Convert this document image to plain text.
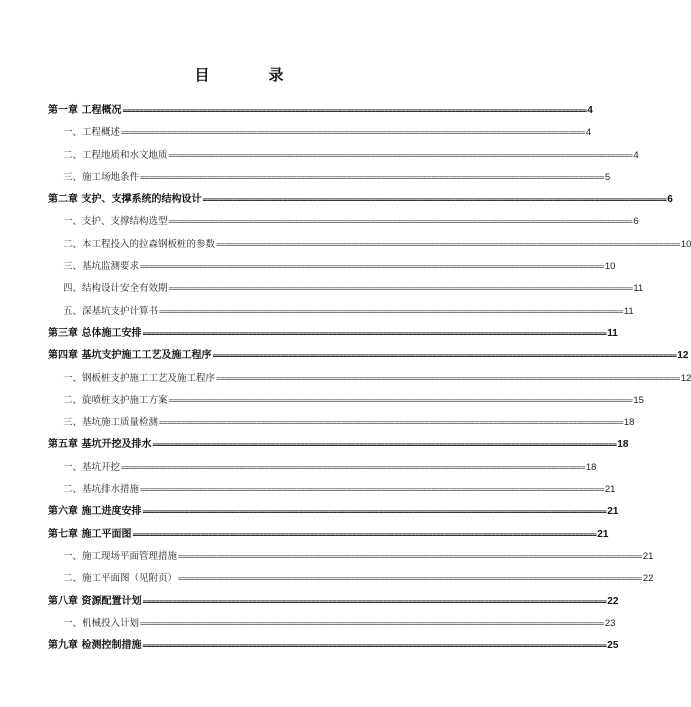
目　录
第一章 工程概况 ============================================================================================================== 4
一、工程概述 ============================================================================================================== 4
二、工程地质和水文地质 ============================================================================================================== 4
三、施工场地条件 ============================================================================================================== 5
第二章 支护、支撑系统的结构设计 ============================================================================================================== 6
一、支护、支撑结构选型 ============================================================================================================== 6
二、本工程投入的拉森钢板桩的参数 ============================================================================================================== 10
三、基坑监测要求 ============================================================================================================== 10
四、结构设计安全有效期 ============================================================================================================== 11
五、深基坑支护计算书 ============================================================================================================== 11
第三章 总体施工安排 ============================================================================================================== 11
第四章 基坑支护施工工艺及施工程序 ============================================================================================================== 12
一、钢板桩支护施工工艺及施工程序 ============================================================================================================== 12
二、旋喷桩支护施工方案 ============================================================================================================== 15
三、基坑施工质量检测 ============================================================================================================== 18
第五章 基坑开挖及排水 ============================================================================================================== 18
一、基坑开挖 ============================================================================================================== 18
二、基坑排水措施 ============================================================================================================== 21
第六章 施工进度安排 ============================================================================================================== 21
第七章 施工平面图 ============================================================================================================== 21
一、施工现场平面管理措施 ============================================================================================================== 21
二、施工平面图（见附页） ============================================================================================================== 22
第八章 资源配置计划 ============================================================================================================== 22
一、机械投入计划 ============================================================================================================== 23
第九章 检测控制措施 ============================================================================================================== 25
